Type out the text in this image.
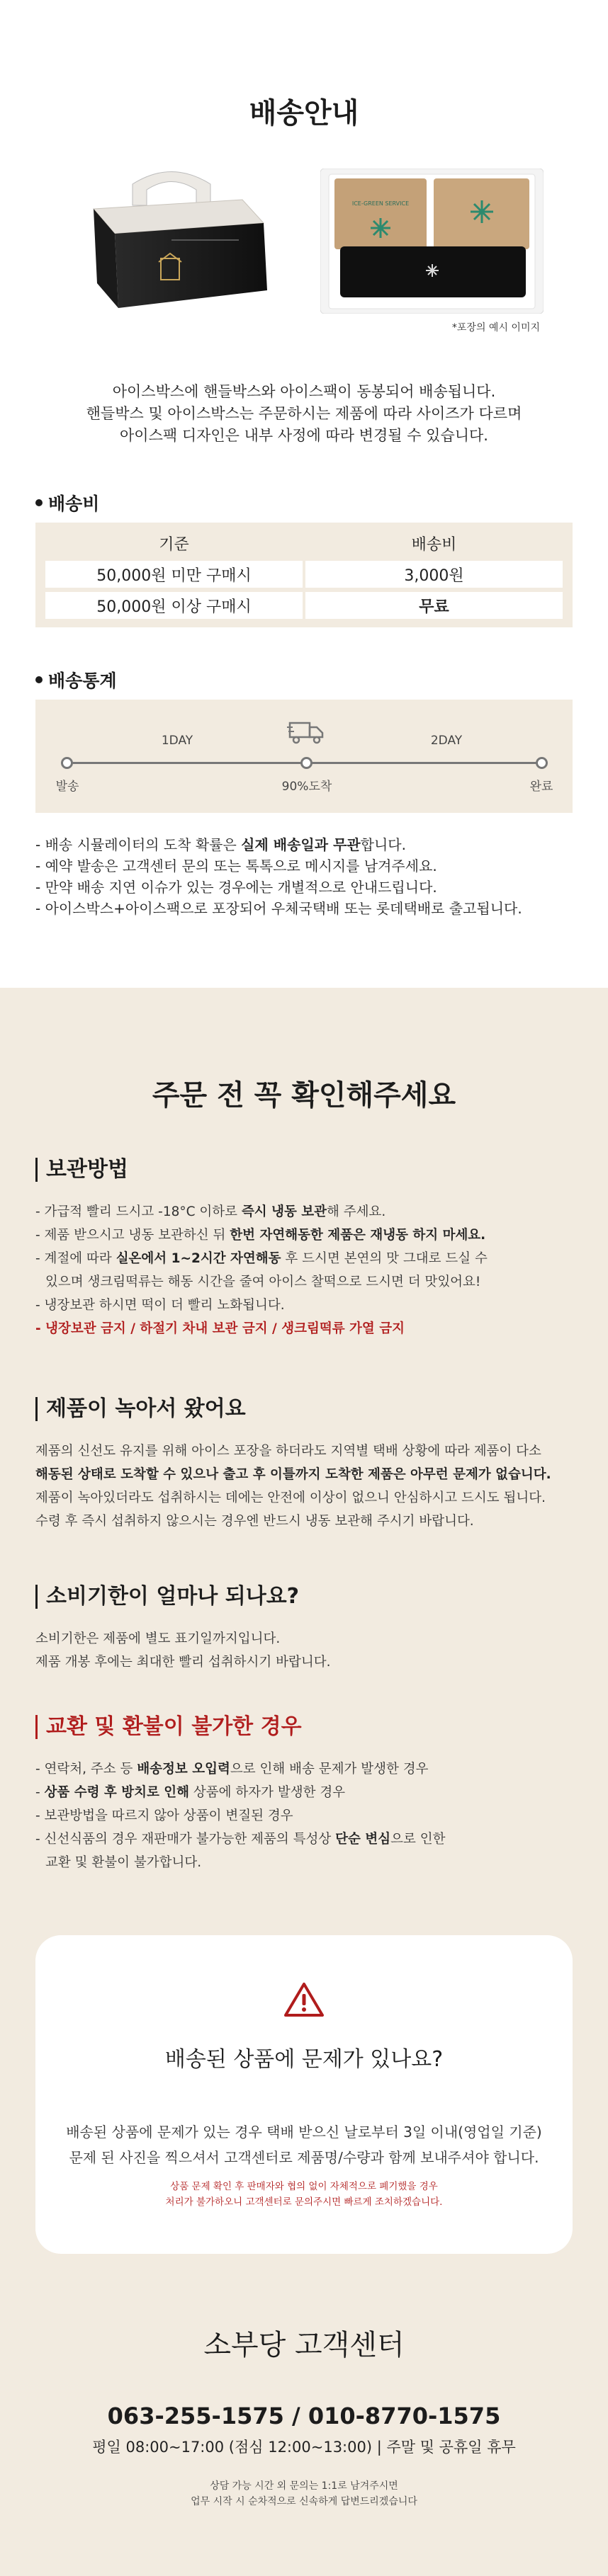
배송안내
ICE-GREEN SERVICE
*포장의 예시 이미지
아이스박스에 핸들박스와 아이스팩이 동봉되어 배송됩니다.
핸들박스 및 아이스박스는 주문하시는 제품에 따라 사이즈가 다르며
아이스팩 디자인은 내부 사정에 따라 변경될 수 있습니다.
배송비
기준	배송비
50,000원 미만 구매시	3,000원
50,000원 이상 구매시	무료
배송통계
1DAY	2DAY
발송	90%도착	완료
- 배송 시뮬레이터의 도착 확률은 실제 배송일과 무관합니다.
- 예약 발송은 고객센터 문의 또는 톡톡으로 메시지를 남겨주세요.
- 만약 배송 지연 이슈가 있는 경우에는 개별적으로 안내드립니다.
- 아이스박스+아이스팩으로 포장되어 우체국택배 또는 롯데택배로 출고됩니다.
주문 전 꼭 확인해주세요
보관방법
- 가급적 빨리 드시고 -18°C 이하로 즉시 냉동 보관해 주세요.
- 제품 받으시고 냉동 보관하신 뒤 한번 자연해동한 제품은 재냉동 하지 마세요.
- 계절에 따라 실온에서 1~2시간 자연해동 후 드시면 본연의 맛 그대로 드실 수
있으며 생크림떡류는 해동 시간을 줄여 아이스 찰떡으로 드시면 더 맛있어요!
- 냉장보관 하시면 떡이 더 빨리 노화됩니다.
- 냉장보관 금지 / 하절기 차내 보관 금지 / 생크림떡류 가열 금지
제품이 녹아서 왔어요
제품의 신선도 유지를 위해 아이스 포장을 하더라도 지역별 택배 상황에 따라 제품이 다소
해동된 상태로 도착할 수 있으나 출고 후 이틀까지 도착한 제품은 아무런 문제가 없습니다.
제품이 녹아있더라도 섭취하시는 데에는 안전에 이상이 없으니 안심하시고 드시도 됩니다.
수령 후 즉시 섭취하지 않으시는 경우엔 반드시 냉동 보관해 주시기 바랍니다.
소비기한이 얼마나 되나요?
소비기한은 제품에 별도 표기일까지입니다.
제품 개봉 후에는 최대한 빨리 섭취하시기 바랍니다.
교환 및 환불이 불가한 경우
- 연락처, 주소 등 배송정보 오입력으로 인해 배송 문제가 발생한 경우
- 상품 수령 후 방치로 인해 상품에 하자가 발생한 경우
- 보관방법을 따르지 않아 상품이 변질된 경우
- 신선식품의 경우 재판매가 불가능한 제품의 특성상 단순 변심으로 인한
교환 및 환불이 불가합니다.
배송된 상품에 문제가 있나요?
배송된 상품에 문제가 있는 경우 택배 받으신 날로부터 3일 이내(영업일 기준)
문제 된 사진을 찍으셔서 고객센터로 제품명/수량과 함께 보내주셔야 합니다.
상품 문제 확인 후 판매자와 협의 없이 자체적으로 폐기했을 경우
처리가 불가하오니 고객센터로 문의주시면 빠르게 조치하겠습니다.
소부당 고객센터
063-255-1575 / 010-8770-1575
평일 08:00~17:00 (점심 12:00~13:00) | 주말 및 공휴일 휴무
상담 가능 시간 외 문의는 1:1로 남겨주시면
업무 시작 시 순차적으로 신속하게 답변드리겠습니다
